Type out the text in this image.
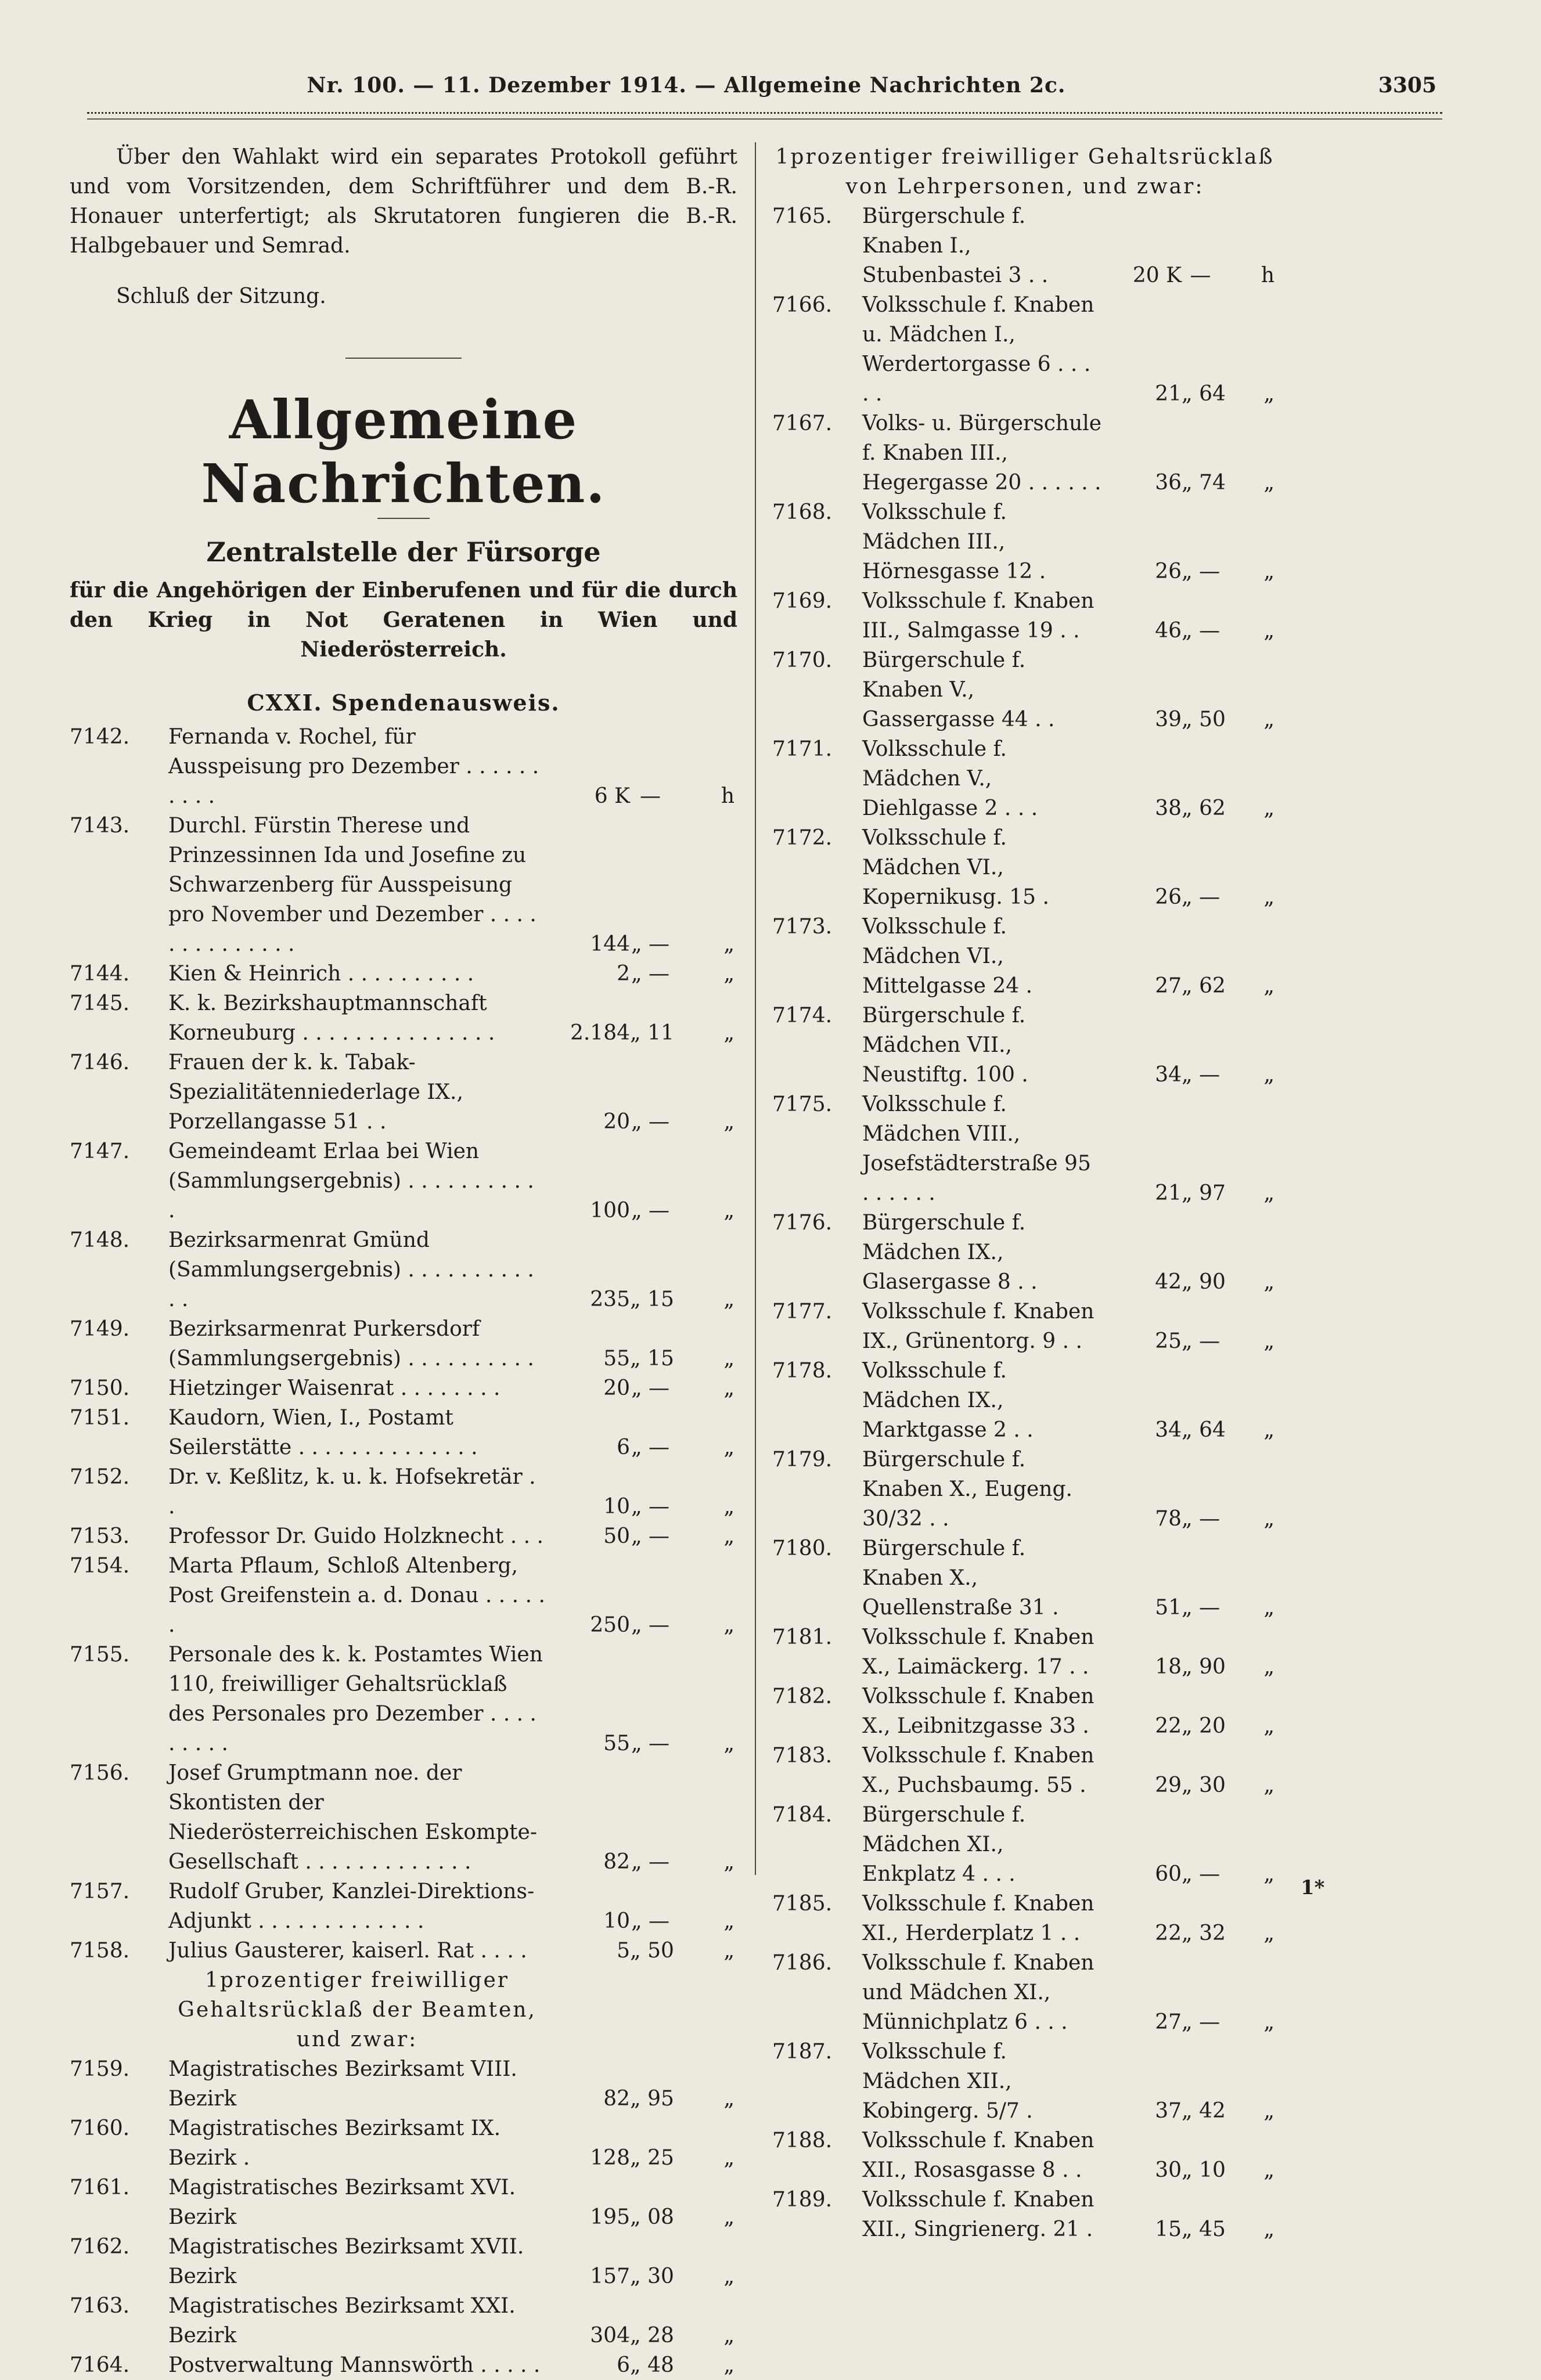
Nr. 100. — 11. Dezember 1914. — Allgemeine Nachrichten 2c.	3305

Über den Wahlakt wird ein separates Protokoll geführt und vom Vorsitzenden, dem Schriftführer und dem B.-R. Honauer unterfertigt; als Skrutatoren fungieren die B.-R. Halbgebauer und Semrad.

Schluß der Sitzung.

Allgemeine Nachrichten.
Zentralstelle der Fürsorge
für die Angehörigen der Einberufenen und für die durch den Krieg in Not Geratenen in Wien und Niederösterreich.
CXXI. Spendenausweis.
7142.	Fernanda v. Rochel, für Ausspeisung pro Dezember . . . . . . . . . .	6 K —	h
7143.	Durchl. Fürstin Therese und Prinzessinnen Ida und Josefine zu Schwarzenberg für Ausspeisung pro November und Dezember . . . . . . . . . . . . . .	144„ —	„
7144.	Kien & Heinrich . . . . . . . . . .	2„ —	„
7145.	K. k. Bezirkshauptmannschaft Korneuburg . . . . . . . . . . . . . . .	2.184„ 11 „
7146.	Frauen der k. k. Tabak-Spezialitätenniederlage IX., Porzellangasse 51 . .	20„ —	„
7147.	Gemeindeamt Erlaa bei Wien (Sammlungsergebnis) . . . . . . . . . . .	100„ —	„
7148.	Bezirksarmenrat Gmünd (Sammlungsergebnis) . . . . . . . . . . . .	235„ 15 „
7149.	Bezirksarmenrat Purkersdorf (Sammlungsergebnis) . . . . . . . . . .	55„ 15 „
7150.	Hietzinger Waisenrat . . . . . . . .	20„ —	„
7151.	Kaudorn, Wien, I., Postamt Seilerstätte . . . . . . . . . . . . . .	6„ —	„
7152.	Dr. v. Keßlitz, k. u. k. Hofsekretär . .	10„ —	„
7153.	Professor Dr. Guido Holzknecht . . .	50„ —	„
7154.	Marta Pflaum, Schloß Altenberg, Post Greifenstein a. d. Donau . . . . . .	250„ —	„
7155.	Personale des k. k. Postamtes Wien 110, freiwilliger Gehaltsrücklaß des Personales pro Dezember . . . . . . . . .	55„ —	„
7156.	Josef Grumptmann noe. der Skontisten der Niederösterreichischen Eskompte-Gesellschaft . . . . . . . . . . . . .	82„ —	„
7157.	Rudolf Gruber, Kanzlei-Direktions-Adjunkt . . . . . . . . . . . . .	10„ —	„
7158.	Julius Gausterer, kaiserl. Rat . . . .	5„ 50 „
1prozentiger freiwilliger Gehaltsrücklaß der Beamten, und zwar:
7159.	Magistratisches Bezirksamt VIII. Bezirk	82„ 95 „
7160.	Magistratisches Bezirksamt IX. Bezirk .	128„ 25 „
7161.	Magistratisches Bezirksamt XVI. Bezirk	195„ 08 „
7162.	Magistratisches Bezirksamt XVII. Bezirk	157„ 30 „
7163.	Magistratisches Bezirksamt XXI. Bezirk	304„ 28 „
7164.	Postverwaltung Mannswörth . . . . .	6„ 48 „
1prozentiger freiwilliger Gehaltsrücklaß von Lehrpersonen, und zwar:
7165.	Bürgerschule f. Knaben I., Stubenbastei 3 . .	20 K — h
7166.	Volksschule f. Knaben u. Mädchen I., Werdertorgasse 6 . . . . .	21„ 64 „
7167.	Volks- u. Bürgerschule f. Knaben III., Hegergasse 20 . . . . . .	36„ 74 „
7168.	Volksschule f. Mädchen III., Hörnesgasse 12 .	26„ — „
7169.	Volksschule f. Knaben III., Salmgasse 19 . .	46„ — „
7170.	Bürgerschule f. Knaben V., Gassergasse 44 . .	39„ 50 „
7171.	Volksschule f. Mädchen V., Diehlgasse 2 . . .	38„ 62 „
7172.	Volksschule f. Mädchen VI., Kopernikusg. 15 .	26„ — „
7173.	Volksschule f. Mädchen VI., Mittelgasse 24 .	27„ 62 „
7174.	Bürgerschule f. Mädchen VII., Neustiftg. 100 .	34„ — „
7175.	Volksschule f. Mädchen VIII., Josefstädterstraße 95 . . . . . .	21„ 97 „
7176.	Bürgerschule f. Mädchen IX., Glasergasse 8 . .	42„ 90 „
7177.	Volksschule f. Knaben IX., Grünentorg. 9 . .	25„ — „
7178.	Volksschule f. Mädchen IX., Marktgasse 2 . .	34„ 64 „
7179.	Bürgerschule f. Knaben X., Eugeng. 30/32 . .	78„ — „
7180.	Bürgerschule f. Knaben X., Quellenstraße 31 .	51„ — „
7181.	Volksschule f. Knaben X., Laimäckerg. 17 . .	18„ 90 „
7182.	Volksschule f. Knaben X., Leibnitzgasse 33 .	22„ 20 „
7183.	Volksschule f. Knaben X., Puchsbaumg. 55 .	29„ 30 „
7184.	Bürgerschule f. Mädchen XI., Enkplatz 4 . . .	60„ — „
7185.	Volksschule f. Knaben XI., Herderplatz 1 . .	22„ 32 „
7186.	Volksschule f. Knaben und Mädchen XI., Münnichplatz 6 . . .	27„ — „
7187.	Volksschule f. Mädchen XII., Kobingerg. 5/7 .	37„ 42 „
7188.	Volksschule f. Knaben XII., Rosasgasse 8 . .	30„ 10 „
7189.	Volksschule f. Knaben XII., Singrienerg. 21 .	15„ 45 „
1*
